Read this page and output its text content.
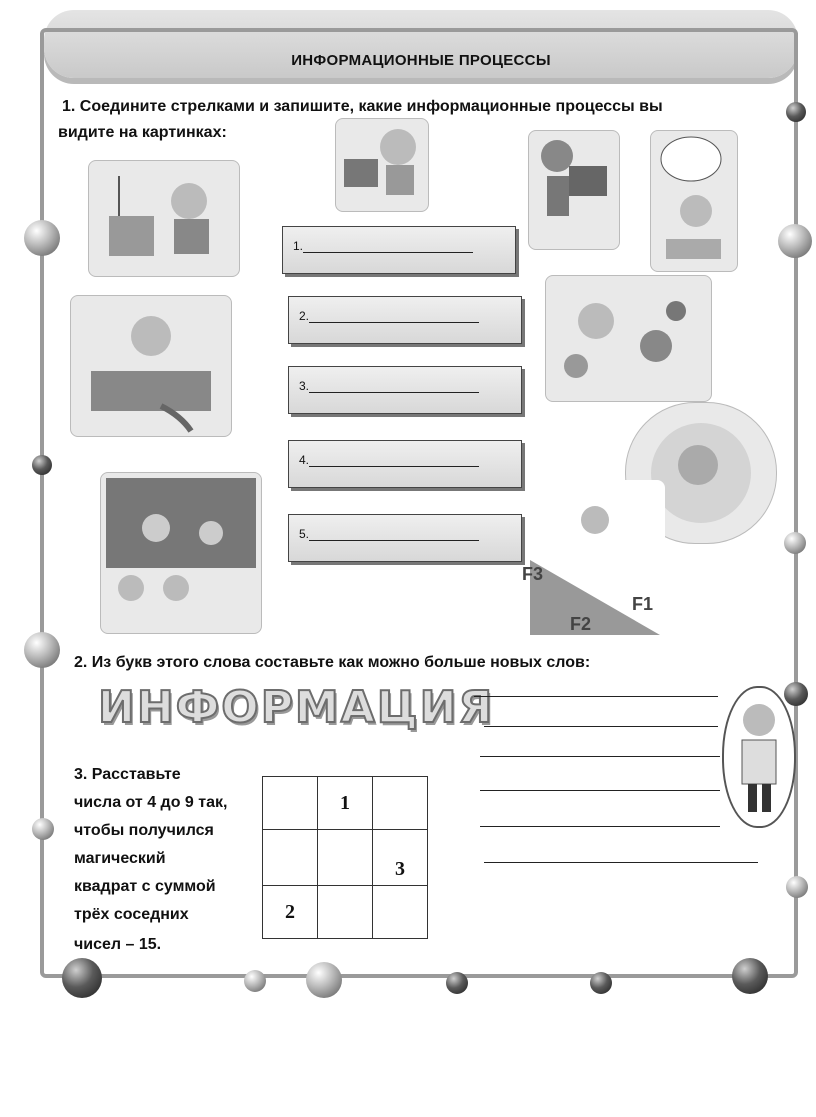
ИНФОРМАЦИОННЫЕ ПРОЦЕССЫ
1. Соедините стрелками и запишите, какие информационные процессы вы
видите на картинках:
F3
F2
F1
1.
2.
3.
4.
5.
2. Из букв этого слова составьте как можно больше новых слов:
ИНФОРМАЦИЯ
3. Расставьте
числа от 4 до 9 так,
чтобы получился
магический
квадрат с суммой
трёх соседних
чисел – 15.
	1	
		3
2		
